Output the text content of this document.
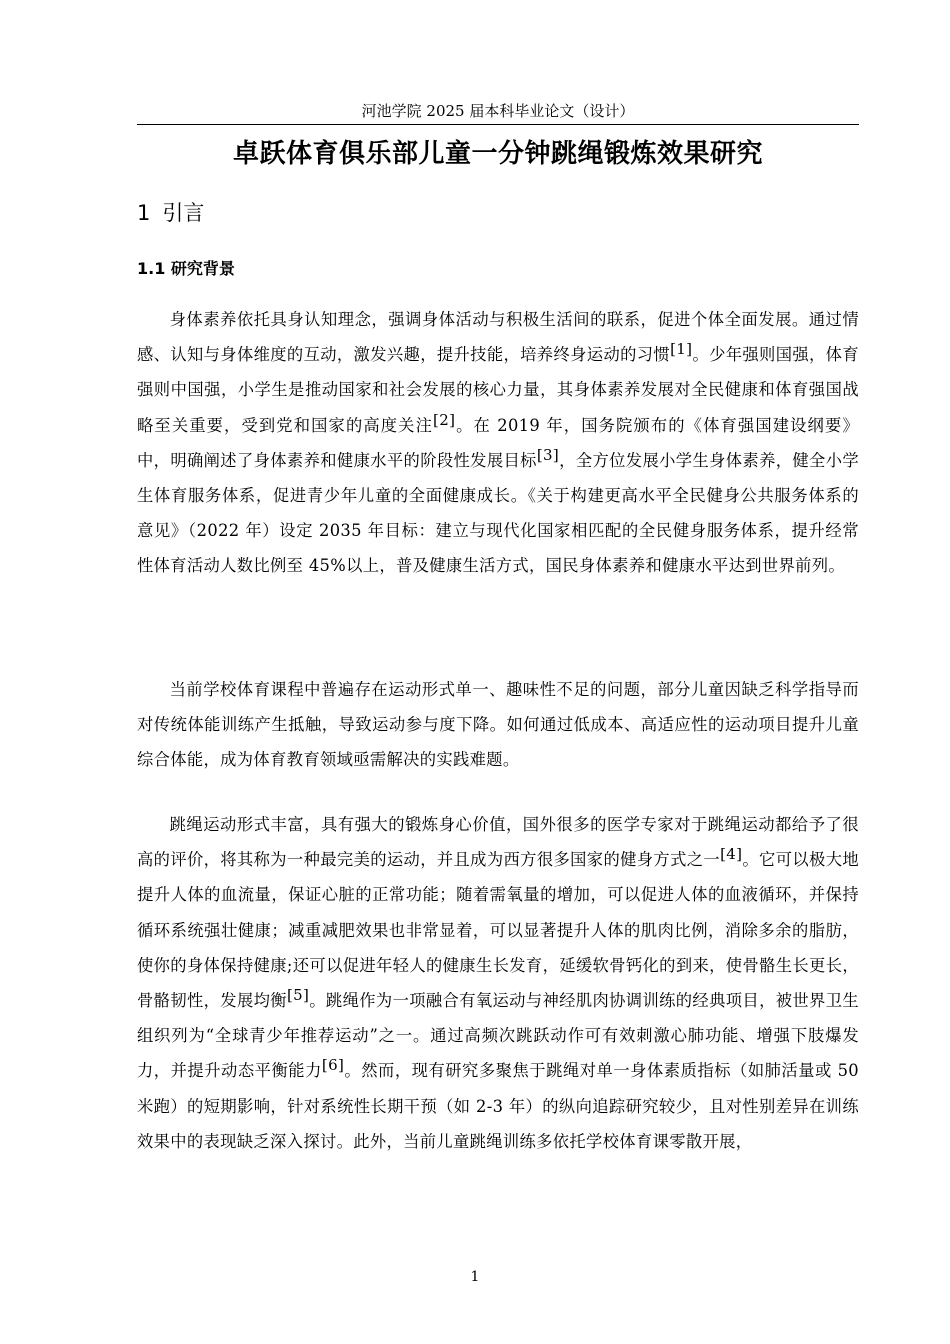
河池学院 2025 届本科毕业论文（设计）
卓跃体育俱乐部儿童一分钟跳绳锻炼效果研究
1 引言
1.1 研究背景

身体素养依托具身认知理念，强调身体活动与积极生活间的联系，促进个体全面发展。通过情感、认知与身体维度的互动，激发兴趣，提升技能，培养终身运动的习惯[1]。少年强则国强，体育强则中国强，小学生是推动国家和社会发展的核心力量，其身体素养发展对全民健康和体育强国战略至关重要，受到党和国家的高度关注[2]。在 2019 年，国务院颁布的《体育强国建设纲要》中，明确阐述了身体素养和健康水平的阶段性发展目标[3]，全方位发展小学生身体素养，健全小学生体育服务体系，促进青少年儿童的全面健康成长。《关于构建更高水平全民健身公共服务体系的意见》（2022 年）设定 2035 年目标：建立与现代化国家相匹配的全民健身服务体系，提升经常性体育活动人数比例至 45%以上，普及健康生活方式，国民身体素养和健康水平达到世界前列。

当前学校体育课程中普遍存在运动形式单一、趣味性不足的问题，部分儿童因缺乏科学指导而对传统体能训练产生抵触，导致运动参与度下降。如何通过低成本、高适应性的运动项目提升儿童综合体能，成为体育教育领域亟需解决的实践难题。

跳绳运动形式丰富，具有强大的锻炼身心价值，国外很多的医学专家对于跳绳运动都给予了很高的评价，将其称为一种最完美的运动，并且成为西方很多国家的健身方式之一[4]。它可以极大地提升人体的血流量，保证心脏的正常功能；随着需氧量的增加，可以促进人体的血液循环，并保持循环系统强壮健康；减重减肥效果也非常显着，可以显著提升人体的肌肉比例，消除多余的脂肪，使你的身体保持健康;还可以促进年轻人的健康生长发育，延缓软骨钙化的到来，使骨骼生长更长，骨骼韧性，发展均衡[5]。跳绳作为一项融合有氧运动与神经肌肉协调训练的经典项目，被世界卫生组织列为“全球青少年推荐运动”之一。通过高频次跳跃动作可有效刺激心肺功能、增强下肢爆发力，并提升动态平衡能力[6]。然而，现有研究多聚焦于跳绳对单一身体素质指标（如肺活量或 50 米跑）的短期影响，针对系统性长期干预（如 2-3 年）的纵向追踪研究较少，且对性别差异在训练效果中的表现缺乏深入探讨。此外，当前儿童跳绳训练多依托学校体育课零散开展，

1
